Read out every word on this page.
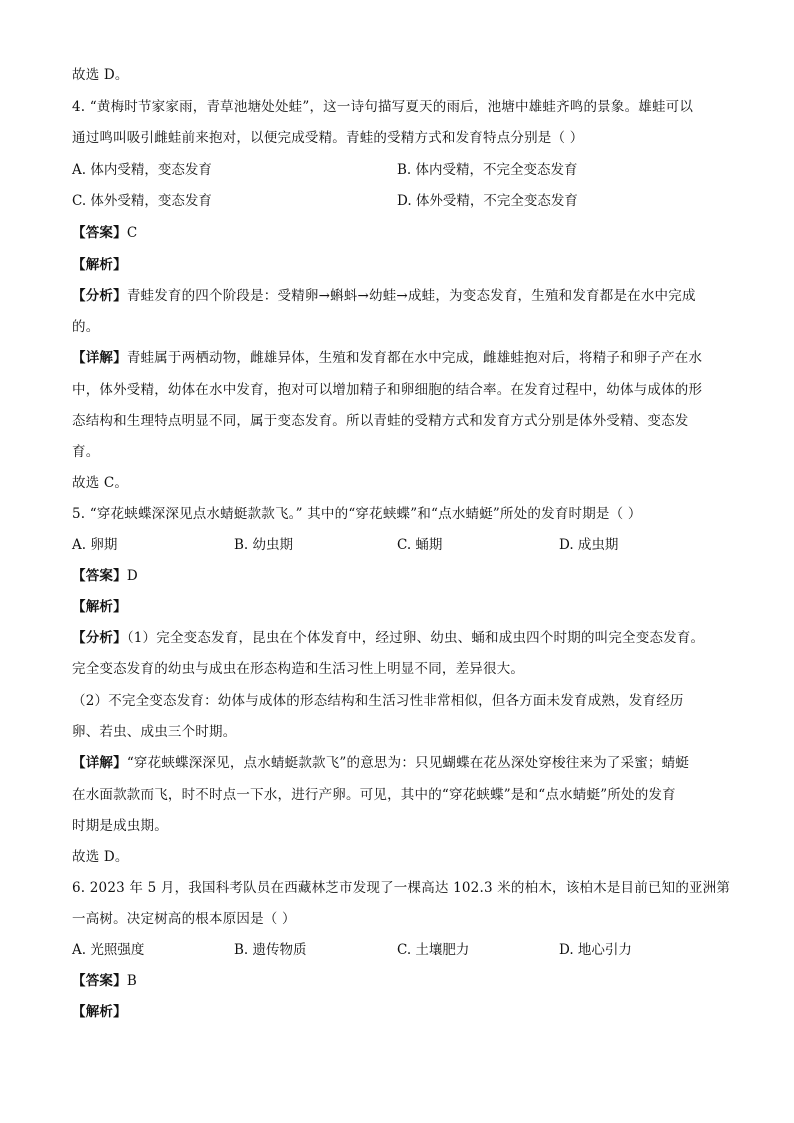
故选 D。
4. “黄梅时节家家雨，青草池塘处处蛙”，这一诗句描写夏天的雨后，池塘中雄蛙齐鸣的景象。雄蛙可以
通过鸣叫吸引雌蛙前来抱对，以便完成受精。青蛙的受精方式和发育特点分别是（ ）
A. 体内受精，变态发育	B. 体内受精，不完全变态发育
C. 体外受精，变态发育	D. 体外受精，不完全变态发育
【答案】C
【解析】
【分析】青蛙发育的四个阶段是：受精卵→蝌蚪→幼蛙→成蛙，为变态发育，生殖和发育都是在水中完成
的。
【详解】青蛙属于两栖动物，雌雄异体，生殖和发育都在水中完成，雌雄蛙抱对后，将精子和卵子产在水
中，体外受精，幼体在水中发育，抱对可以增加精子和卵细胞的结合率。在发育过程中，幼体与成体的形
态结构和生理特点明显不同，属于变态发育。所以青蛙的受精方式和发育方式分别是体外受精、变态发
育。
故选 C。
5. “穿花蛱蝶深深见点水蜻蜓款款飞。” 其中的“穿花蛱蝶”和“点水蜻蜓”所处的发育时期是（ ）
A. 卵期	B. 幼虫期	C. 蛹期	D. 成虫期
【答案】D
【解析】
【分析】（1）完全变态发育，昆虫在个体发育中，经过卵、幼虫、蛹和成虫四个时期的叫完全变态发育。
完全变态发育的幼虫与成虫在形态构造和生活习性上明显不同，差异很大。
（2）不完全变态发育：幼体与成体的形态结构和生活习性非常相似，但各方面未发育成熟，发育经历
卵、若虫、成虫三个时期。
【详解】“穿花蛱蝶深深见，点水蜻蜓款款飞”的意思为：只见蝴蝶在花丛深处穿梭往来为了采蜜；蜻蜓
在水面款款而飞，时不时点一下水，进行产卵。可见，其中的“穿花蛱蝶”是和“点水蜻蜓”所处的发育
时期是成虫期。
故选 D。
6. 2023 年 5 月，我国科考队员在西藏林芝市发现了一棵高达 102.3 米的柏木，该柏木是目前已知的亚洲第
一高树。决定树高的根本原因是（ ）
A. 光照强度	B. 遗传物质	C. 土壤肥力	D. 地心引力
【答案】B
【解析】
